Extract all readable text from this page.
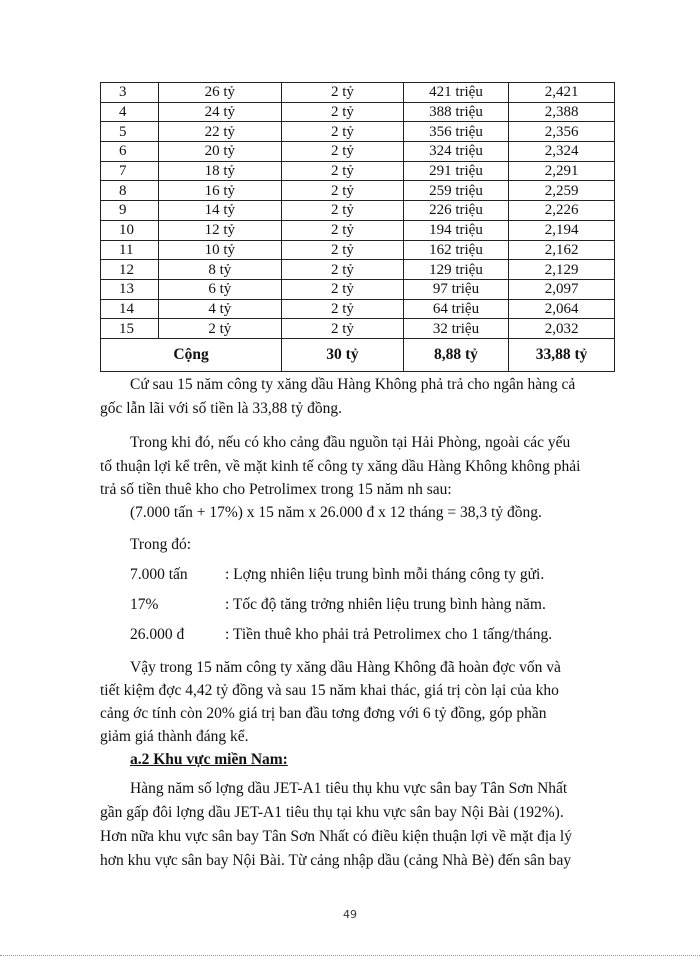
3	26 tỷ	2 tỷ	421 triệu	2,421
4	24 tỷ	2 tỷ	388 triệu	2,388
5	22 tỷ	2 tỷ	356 triệu	2,356
6	20 tỷ	2 tỷ	324 triệu	2,324
7	18 tỷ	2 tỷ	291 triệu	2,291
8	16 tỷ	2 tỷ	259 triệu	2,259
9	14 tỷ	2 tỷ	226 triệu	2,226
10	12 tỷ	2 tỷ	194 triệu	2,194
11	10 tỷ	2 tỷ	162 triệu	2,162
12	8 tỷ	2 tỷ	129 triệu	2,129
13	6 tỷ	2 tỷ	97 triệu	2,097
14	4 tỷ	2 tỷ	64 triệu	2,064
15	2 tỷ	2 tỷ	32 triệu	2,032
Cộng		30 tỷ	8,88 tỷ	33,88 tỷ
Cứ sau 15 năm công ty xăng dầu Hàng Không phả trả cho ngân hàng cả
gốc lẫn lãi với số tiền là 33,88 tỷ đồng.
Trong khi đó, nếu có kho cảng đầu nguồn tại Hải Phòng, ngoài các yếu
tố thuận lợi kể trên, về mặt kinh tế công ty xăng dầu Hàng Không không phải
trả số tiền thuê kho cho Petrolimex trong 15 năm nh sau:
(7.000 tấn + 17%) x 15 năm x 26.000 đ x 12 tháng = 38,3 tỷ đồng.
Trong đó:
7.000 tấn : Lợng nhiên liệu trung bình mỗi tháng công ty gửi.
17%	: Tốc độ tăng trởng nhiên liệu trung bình hàng năm.
26.000 đ	: Tiền thuê kho phải trả Petrolimex cho 1 tấng/tháng.
Vậy trong 15 năm công ty xăng dầu Hàng Không đã hoàn đợc vốn và
tiết kiệm đợc 4,42 tỷ đồng và sau 15 năm khai thác, giá trị còn lại của kho
cảng ớc tính còn 20% giá trị ban đầu tơng đơng với 6 tỷ đồng, góp phần
giảm giá thành đáng kể.
a.2 Khu vực miền Nam:
Hàng năm số lợng dầu JET-A1 tiêu thụ khu vực sân bay Tân Sơn Nhất
gần gấp đôi lợng dầu JET-A1 tiêu thụ tại khu vực sân bay Nội Bài (192%).
Hơn nữa khu vực sân bay Tân Sơn Nhất có điều kiện thuận lợi về mặt địa lý
hơn khu vực sân bay Nội Bài. Từ cảng nhập dầu (cảng Nhà Bè) đến sân bay
49
